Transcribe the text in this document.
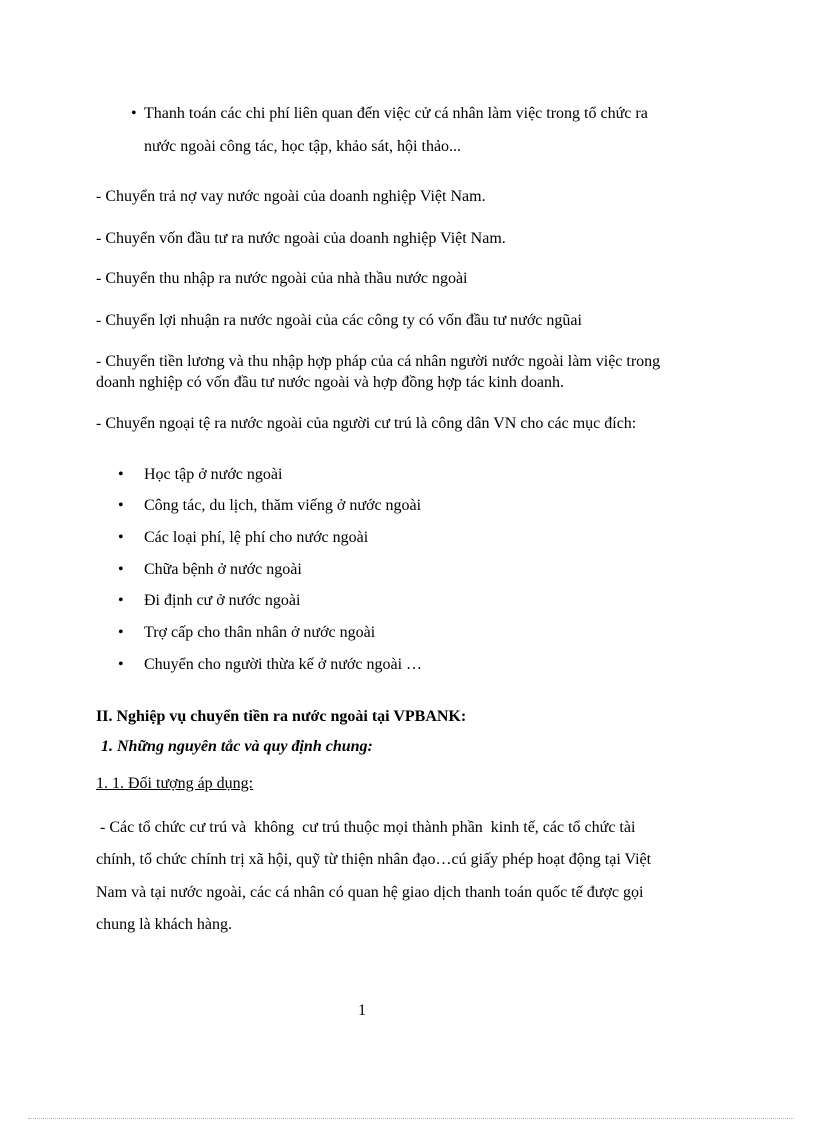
• Thanh toán các chi phí liên quan đến việc cử cá nhân làm việc trong tổ chức ra
nước ngoài công tác, học tập, khảo sát, hội thảo...
- Chuyển trả nợ vay nước ngoài của doanh nghiệp Việt Nam.
- Chuyển vốn đầu tư ra nước ngoài của doanh nghiệp Việt Nam.
- Chuyển thu nhập ra nước ngoài của nhà thầu nước ngoài
- Chuyển lợi nhuận ra nước ngoài của các công ty có vốn đầu tư nước ngũai
- Chuyển tiền lương và thu nhập hợp pháp của cá nhân người nước ngoài làm việc trong
doanh nghiệp có vốn đầu tư nước ngoài và hợp đồng hợp tác kinh doanh.
- Chuyển ngoại tệ ra nước ngoài của người cư trú là công dân VN cho các mục đích:
• Học tập ở nước ngoài
• Công tác, du lịch, thăm viếng ở nước ngoài
• Các loại phí, lệ phí cho nước ngoài
• Chữa bệnh ở nước ngoài
• Đi định cư ở nước ngoài
• Trợ cấp cho thân nhân ở nước ngoài
• Chuyển cho người thừa kế ở nước ngoài …
II. Nghiệp vụ chuyển tiền ra nước ngoài tại VPBANK:
1. Những nguyên tắc và quy định chung:
1. 1. Đối tượng áp dụng:
- Các tổ chức cư trú và  không  cư trú thuộc mọi thành phần  kinh tế, các tổ chức tài
chính, tổ chức chính trị xã hội, quỹ từ thiện nhân đạo…cú giấy phép hoạt động tại Việt
Nam và tại nước ngoài, các cá nhân có quan hệ giao dịch thanh toán quốc tế được gọi
chung là khách hàng.
1
